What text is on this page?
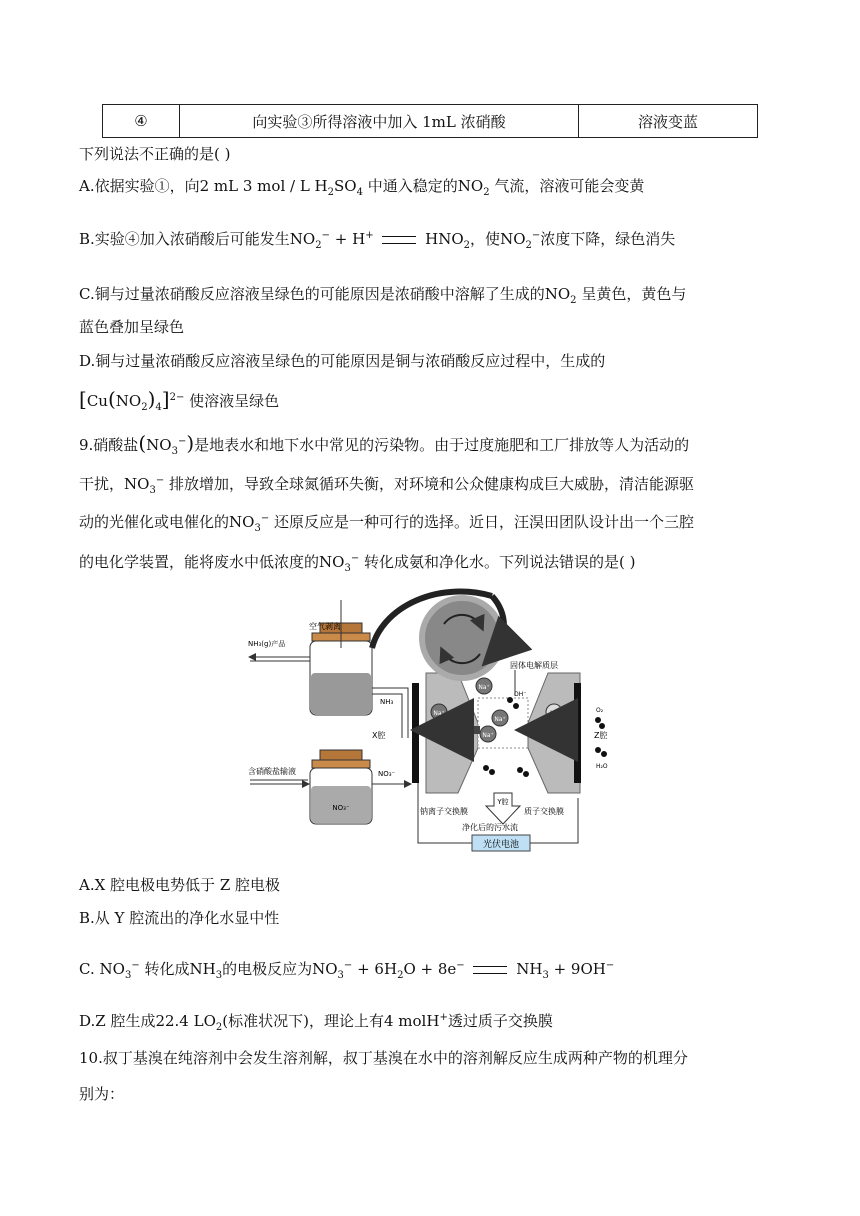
④	向实验③所得溶液中加入 1mL 浓硝酸	溶液变蓝
下列说法不正确的是( )
A.依据实验①，向2 mL 3 mol / L $H_2SO_4$ 中通入稳定的$NO_2$ 气流，溶液可能会变黄
B.实验④加入浓硝酸后可能发生$NO_2^- + H^+$	$HNO_2$，使$NO_2^-$浓度下降，绿色消失
C.铜与过量浓硝酸反应溶液呈绿色的可能原因是浓硝酸中溶解了生成的$NO_2$ 呈黄色，黄色与
蓝色叠加呈绿色
D.铜与过量浓硝酸反应溶液呈绿色的可能原因是铜与浓硝酸反应过程中，生成的
$[Cu(NO_2)_4]^{2-}$ 使溶液呈绿色
9.硝酸盐$(NO_3^-)$是地表水和地下水中常见的污染物。由于过度施肥和工厂排放等人为活动的
干扰，$NO_3^-$ 排放增加，导致全球氮循环失衡，对环境和公众健康构成巨大威胁，清洁能源驱
动的光催化或电催化的$NO_3^-$ 还原反应是一种可行的选择。近日，汪淏田团队设计出一个三腔
的电化学装置，能将废水中低浓度的$NO_3^-$ 转化成氨和净化水。下列说法错误的是( )
光伏电池
空气剥离
NH₃(g)产品
NH₃
X腔
NO₃⁻
含硝酸盐输液	NO₃⁻
Na⁺
Na⁺
Na⁺
Na⁺
OH⁻
H⁺
固体电解质层
O₂
Z腔
H₂O
Y腔
钠离子交换膜	质子交换膜
净化后的污水流
A.X 腔电极电势低于 Z 腔电极
B.从 Y 腔流出的净化水显中性
C. $NO_3^-$ 转化成$NH_3$的电极反应为$NO_3^- + 6H_2O + 8e^-$	$NH_3 + 9OH^-$
D.Z 腔生成22.4 $LO_2$(标准状况下)，理论上有4 molH+透过质子交换膜
10.叔丁基溴在纯溶剂中会发生溶剂解，叔丁基溴在水中的溶剂解反应生成两种产物的机理分
别为：
